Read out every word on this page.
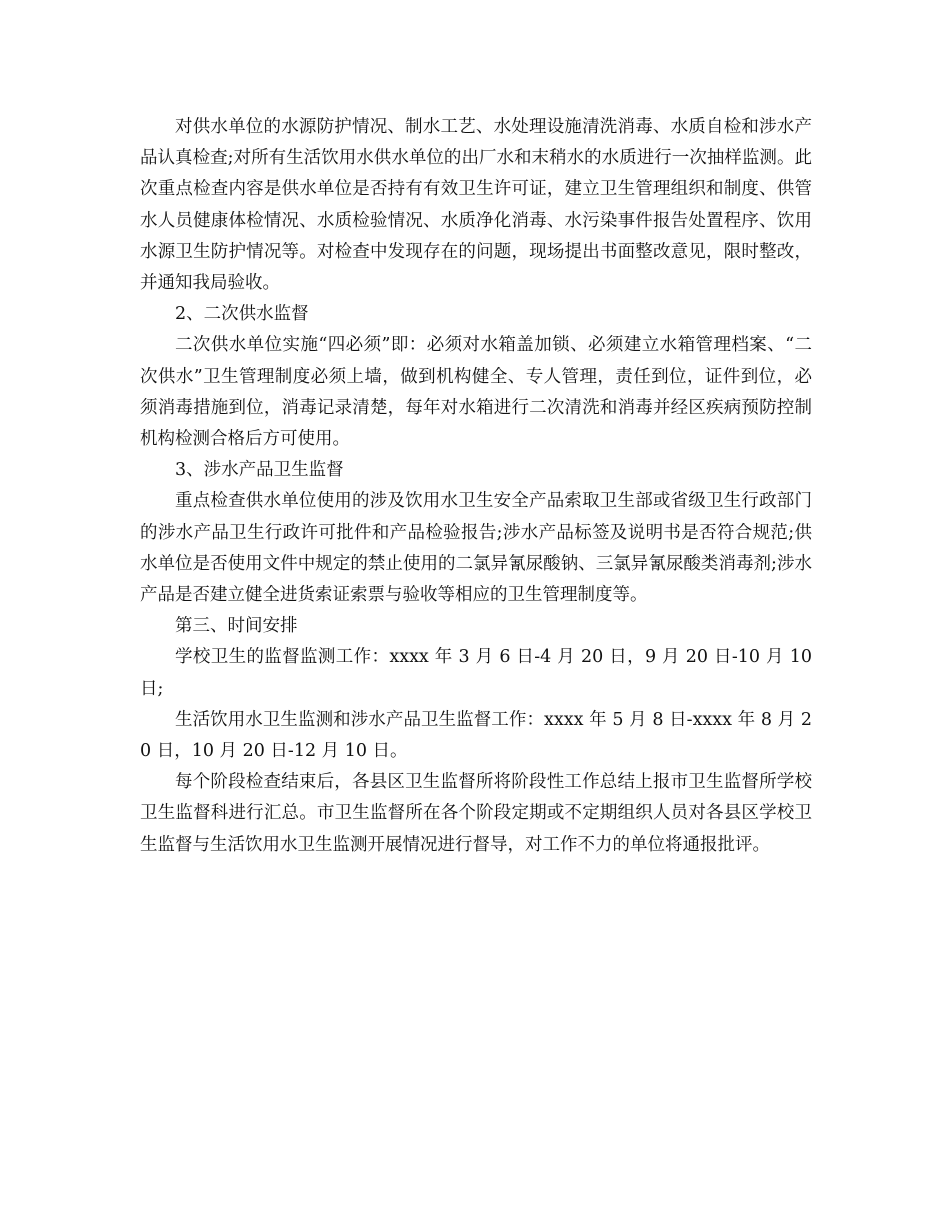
对供水单位的水源防护情况、制水工艺、水处理设施清洗消毒、水质自检和涉水产品认真检查;对所有生活饮用水供水单位的出厂水和末稍水的水质进行一次抽样监测。此次重点检查内容是供水单位是否持有有效卫生许可证，建立卫生管理组织和制度、供管水人员健康体检情况、水质检验情况、水质净化消毒、水污染事件报告处置程序、饮用水源卫生防护情况等。对检查中发现存在的问题，现场提出书面整改意见，限时整改，并通知我局验收。

2、二次供水监督

二次供水单位实施“四必须”即：必须对水箱盖加锁、必须建立水箱管理档案、“二次供水”卫生管理制度必须上墙，做到机构健全、专人管理，责任到位，证件到位，必须消毒措施到位，消毒记录清楚，每年对水箱进行二次清洗和消毒并经区疾病预防控制机构检测合格后方可使用。

3、涉水产品卫生监督

重点检查供水单位使用的涉及饮用水卫生安全产品索取卫生部或省级卫生行政部门的涉水产品卫生行政许可批件和产品检验报告;涉水产品标签及说明书是否符合规范;供水单位是否使用文件中规定的禁止使用的二氯异氰尿酸钠、三氯异氰尿酸类消毒剂;涉水产品是否建立健全进货索证索票与验收等相应的卫生管理制度等。

第三、时间安排

学校卫生的监督监测工作：xxxx 年 3 月 6 日-4 月 20 日，9 月 20 日-10 月 10 日;

生活饮用水卫生监测和涉水产品卫生监督工作：xxxx 年 5 月 8 日-xxxx 年 8 月 20 日，10 月 20 日-12 月 10 日。

每个阶段检查结束后，各县区卫生监督所将阶段性工作总结上报市卫生监督所学校卫生监督科进行汇总。市卫生监督所在各个阶段定期或不定期组织人员对各县区学校卫生监督与生活饮用水卫生监测开展情况进行督导，对工作不力的单位将通报批评。
